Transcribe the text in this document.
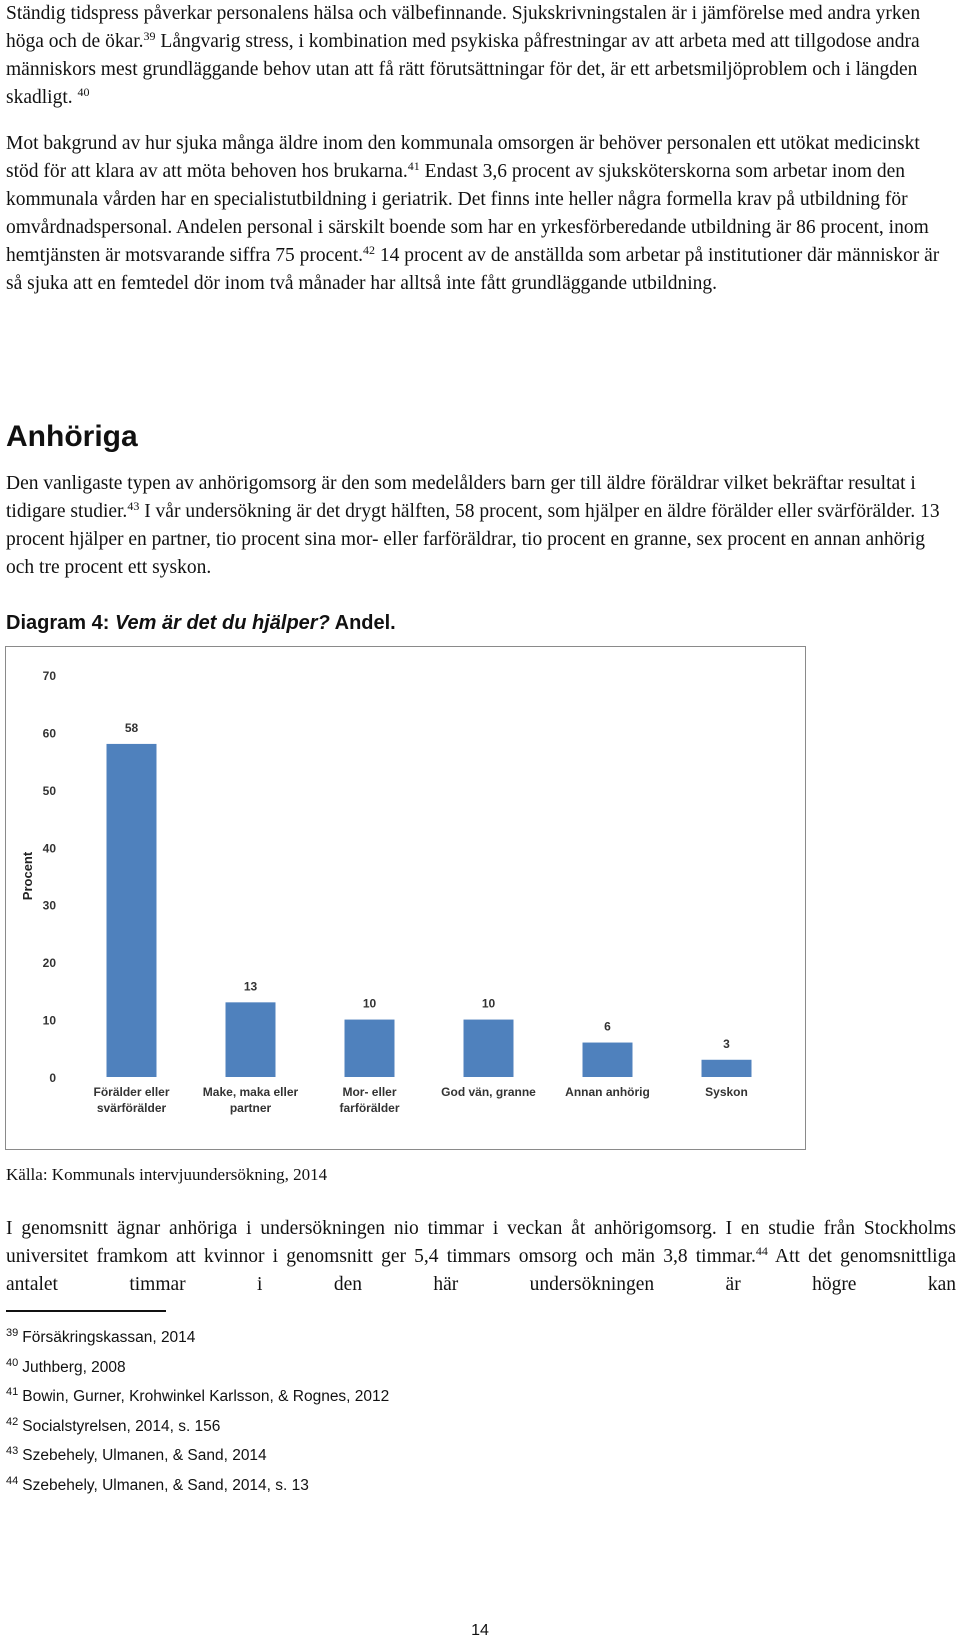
Ständig tidspress påverkar personalens hälsa och välbefinnande. Sjukskrivningstalen är i jämförelse med andra yrken höga och de ökar.$^{39}$ Långvarig stress, i kombination med psykiska påfrestningar av att arbeta med att tillgodose andra människors mest grundläggande behov utan att få rätt förutsättningar för det, är ett arbetsmiljöproblem och i längden skadligt. $^{40}$
Mot bakgrund av hur sjuka många äldre inom den kommunala omsorgen är behöver personalen ett utökat medicinskt stöd för att klara av att möta behoven hos brukarna.$^{41}$ Endast 3,6 procent av sjuksköterskorna som arbetar inom den kommunala vården har en specialistutbildning i geriatrik. Det finns inte heller några formella krav på utbildning för omvårdnadspersonal. Andelen personal i särskilt boende som har en yrkesförberedande utbildning är 86 procent, inom hemtjänsten är motsvarande siffra 75 procent.$^{42}$ 14 procent av de anställda som arbetar på institutioner där människor är så sjuka att en femtedel dör inom två månader har alltså inte fått grundläggande utbildning.
Anhöriga
Den vanligaste typen av anhörigomsorg är den som medelålders barn ger till äldre föräldrar vilket bekräftar resultat i tidigare studier.$^{43}$ I vår undersökning är det drygt hälften, 58 procent, som hjälper en äldre förälder eller svärförälder. 13 procent hjälper en partner, tio procent sina mor- eller farföräldrar, tio procent en granne, sex procent en annan anhörig och tre procent ett syskon.

Diagram 4: Vem är det du hjälper? Andel.

0
10
20
30
40
50
60
70
Procent
58
Förälder eller svärförälder
13
Make, maka eller partner
10
Mor- eller farförälder
10
God vän, granne
6
Annan anhörig
3
Syskon

Källa: Kommunals intervjuundersökning, 2014

I genomsnitt ägnar anhöriga i undersökningen nio timmar i veckan åt anhörigomsorg. I en studie från Stockholms universitet framkom att kvinnor i genomsnitt ger 5,4 timmars omsorg och män 3,8 timmar.$^{44}$ Att det genomsnittliga antalet timmar i den här undersökningen är högre kan
$^{39}$ Försäkringskassan, 2014
$^{40}$ Juthberg, 2008
$^{41}$ Bowin, Gurner, Krohwinkel Karlsson, & Rognes, 2012
$^{42}$ Socialstyrelsen, 2014, s. 156
$^{43}$ Szebehely, Ulmanen, & Sand, 2014
$^{44}$ Szebehely, Ulmanen, & Sand, 2014, s. 13

14
